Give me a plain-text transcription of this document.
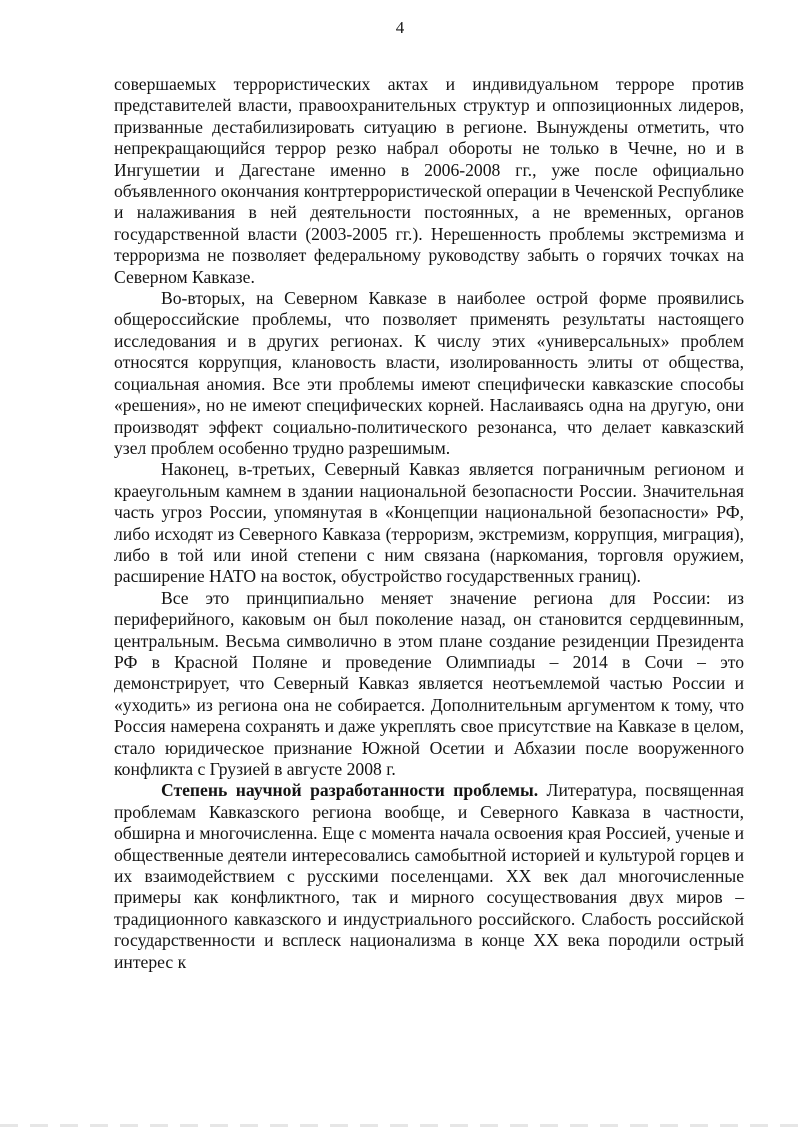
4

совершаемых террористических актах и индивидуальном терроре против представителей власти, правоохранительных структур и оппозиционных лидеров, призванные дестабилизировать ситуацию в регионе. Вынуждены отметить, что непрекращающийся террор резко набрал обороты не только в Чечне, но и в Ингушетии и Дагестане именно в 2006-2008 гг., уже после официально объявленного окончания контртеррористической операции в Чеченской Республике и налаживания в ней деятельности постоянных, а не временных, органов государственной власти (2003-2005 гг.). Нерешенность проблемы экстремизма и терроризма не позволяет федеральному руководству забыть о горячих точках на Северном Кавказе.

Во-вторых, на Северном Кавказе в наиболее острой форме проявились общероссийские проблемы, что позволяет применять результаты настоящего исследования и в других регионах. К числу этих «универсальных» проблем относятся коррупция, клановость власти, изолированность элиты от общества, социальная аномия. Все эти проблемы имеют специфически кавказские способы «решения», но не имеют специфических корней. Наслаиваясь одна на другую, они производят эффект социально-политического резонанса, что делает кавказский узел проблем особенно трудно разрешимым.

Наконец, в-третьих, Северный Кавказ является пограничным регионом и краеугольным камнем в здании национальной безопасности России. Значительная часть угроз России, упомянутая в «Концепции национальной безопасности» РФ, либо исходят из Северного Кавказа (терроризм, экстремизм, коррупция, миграция), либо в той или иной степени с ним связана (наркомания, торговля оружием, расширение НАТО на восток, обустройство государственных границ).

Все это принципиально меняет значение региона для России: из периферийного, каковым он был поколение назад, он становится сердцевинным, центральным. Весьма символично в этом плане создание резиденции Президента РФ в Красной Поляне и проведение Олимпиады – 2014 в Сочи – это демонстрирует, что Северный Кавказ является неотъемлемой частью России и «уходить» из региона она не собирается. Дополнительным аргументом к тому, что Россия намерена сохранять и даже укреплять свое присутствие на Кавказе в целом, стало юридическое признание Южной Осетии и Абхазии после вооруженного конфликта с Грузией в августе 2008 г.

Степень научной разработанности проблемы. Литература, посвященная проблемам Кавказского региона вообще, и Северного Кавказа в частности, обширна и многочисленна. Еще с момента начала освоения края Россией, ученые и общественные деятели интересовались самобытной историей и культурой горцев и их взаимодействием с русскими поселенцами. XX век дал многочисленные примеры как конфликтного, так и мирного сосуществования двух миров – традиционного кавказского и индустриального российского. Слабость российской государственности и всплеск национализма в конце XX века породили острый интерес к
